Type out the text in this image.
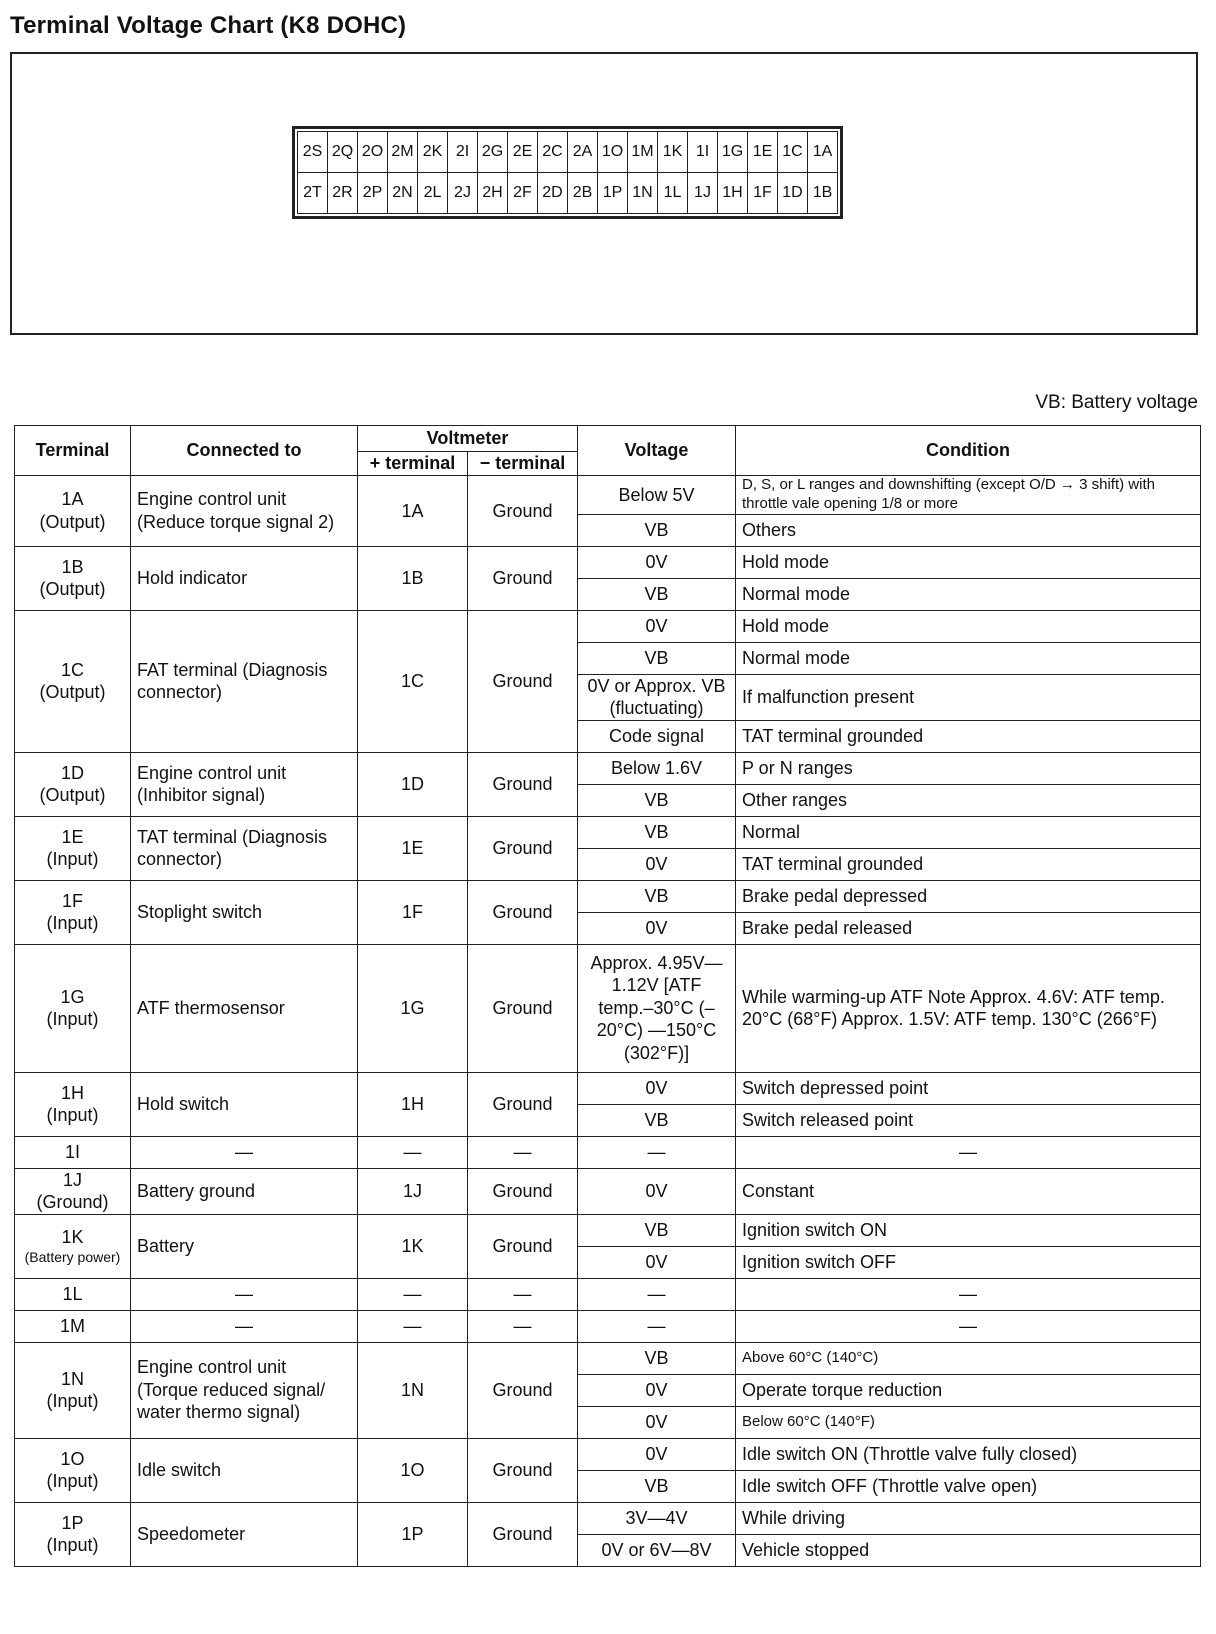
Terminal Voltage Chart (K8 DOHC)
2S	2Q	2O	2M	2K	2I	2G	2E	2C	2A	1O	1M	1K	1I	1G	1E	1C	1A
2T	2R	2P	2N	2L	2J	2H	2F	2D	2B	1P	1N	1L	1J	1H	1F	1D	1B
VB: Battery voltage
Terminal	Connected to	Voltmeter		Voltage	Condition
		+ terminal	− terminal		

1A
(Output)	Engine control unit (Reduce torque signal 2)	1A	Ground	Below 5V	D, S, or L ranges and downshifting (except O/D → 3 shift) with throttle vale opening 1/8 or more
				VB	Others

1B
(Output)	Hold indicator	1B	Ground	0V	Hold mode
				VB	Normal mode

1C
(Output)	FAT terminal (Diagnosis connector)	1C	Ground	0V	Hold mode
				VB	Normal mode
				0V or Approx. VB (fluctuating)	If malfunction present
				Code signal	TAT terminal grounded

1D
(Output)	Engine control unit (Inhibitor signal)	1D	Ground	Below 1.6V	P or N ranges
				VB	Other ranges

1E
(Input)	TAT terminal (Diagnosis connector)	1E	Ground	VB	Normal
				0V	TAT terminal grounded

1F
(Input)	Stoplight switch	1F	Ground	VB	Brake pedal depressed
				0V	Brake pedal released

1G
(Input)	ATF thermosensor	1G	Ground	Approx. 4.95V—1.12V [ATF temp.–30°C (–20°C) —150°C (302°F)]	While warming-up ATF Note Approx. 4.6V: ATF temp. 20°C (68°F) Approx. 1.5V: ATF temp. 130°C (266°F)

1H
(Input)	Hold switch	1H	Ground	0V	Switch depressed point
				VB	Switch released point

1I	—	—	—	—	—

1J
(Ground)	Battery ground	1J	Ground	0V	Constant

1K
(Battery power)	Battery	1K	Ground	VB	Ignition switch ON
				0V	Ignition switch OFF

1L	—	—	—	—	—

1M	—	—	—	—	—

1N
(Input)	Engine control unit (Torque reduced signal/ water thermo signal)	1N	Ground	VB	Above 60°C (140°C)
				0V	Operate torque reduction
				0V	Below 60°C (140°F)

1O
(Input)	Idle switch	1O	Ground	0V	Idle switch ON (Throttle valve fully closed)
				VB	Idle switch OFF (Throttle valve open)

1P
(Input)	Speedometer	1P	Ground	3V—4V	While driving
				0V or 6V—8V	Vehicle stopped
